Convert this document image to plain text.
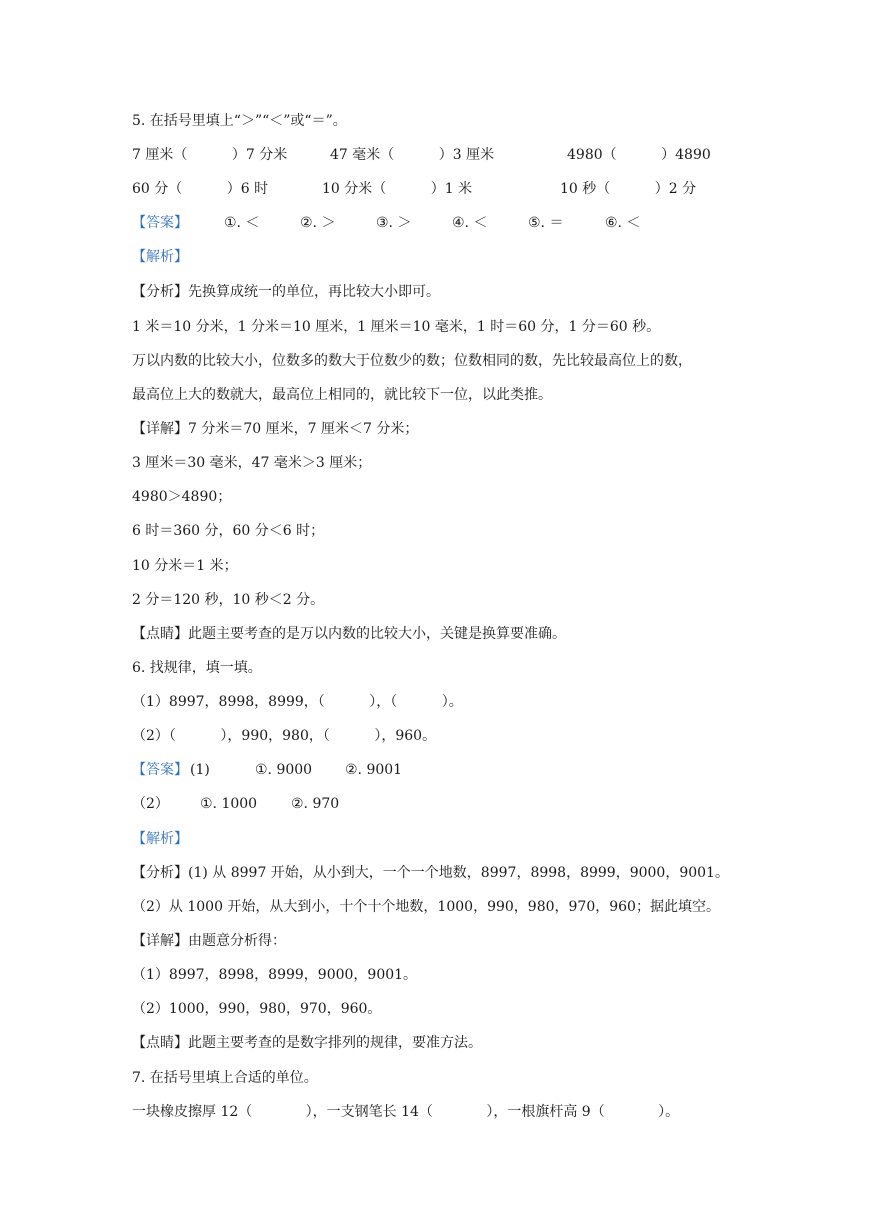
5. 在括号里填上“＞”“＜”或“＝”。
7 厘米（          ）7 分米	47 毫米（          ）3 厘米	4980（          ）4890
60 分（          ）6 时	10 分米（          ）1 米	10 秒（          ）2 分
【答案】	①. ＜	②. ＞	③. ＞	④. ＜	⑤. ＝	⑥. ＜
【解析】
【分析】先换算成统一的单位，再比较大小即可。
1 米＝10 分米，1 分米＝10 厘米，1 厘米＝10 毫米，1 时＝60 分，1 分＝60 秒。
万以内数的比较大小，位数多的数大于位数少的数；位数相同的数，先比较最高位上的数，
最高位上大的数就大，最高位上相同的，就比较下一位，以此类推。
【详解】7 分米＝70 厘米，7 厘米＜7 分米；
3 厘米＝30 毫米，47 毫米＞3 厘米；
4980＞4890；
6 时＝360 分，60 分＜6 时；
10 分米＝1 米；
2 分＝120 秒，10 秒＜2 分。
【点睛】此题主要考查的是万以内数的比较大小，关键是换算要准确。
6. 找规律，填一填。
（1）8997，8998，8999，（          ），（          ）。
（2）（          ），990，980，（          ），960。
【答案】 (1)	①. 9000 ②. 9001
（2） ①. 1000 ②. 970
【解析】
【分析】(1) 从 8997 开始，从小到大，一个一个地数，8997，8998，8999，9000，9001。
（2）从 1000 开始，从大到小，十个十个地数，1000，990，980，970，960；据此填空。
【详解】由题意分析得：
（1）8997，8998，8999，9000，9001。
（2）1000，990，980，970，960。
【点睛】此题主要考查的是数字排列的规律，要准方法。
7. 在括号里填上合适的单位。
一块橡皮擦厚 12（            ），一支钢笔长 14（            ），一根旗杆高 9（            ）。
